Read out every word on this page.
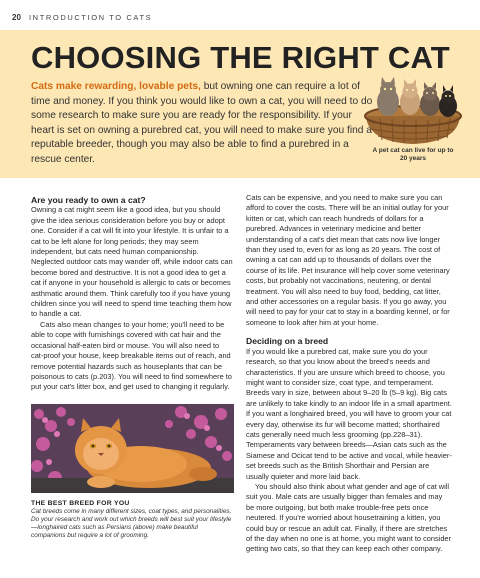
20 INTRODUCTION TO CATS
CHOOSING THE RIGHT CAT
Cats make rewarding, lovable pets, but owning one can require a lot of time and money. If you think you would like to own a cat, you will need to do some research to make sure you are ready for the responsibility. If your heart is set on owning a purebred cat, you will need to make sure you find a reputable breeder, though you may also be able to find a purebred in a rescue center.
A pet cat can live for up to 20 years

Are you ready to own a cat?

Owning a cat might seem like a good idea, but you should give the idea serious consideration before you buy or adopt one. Consider if a cat will fit into your lifestyle. It is unfair to a cat to be left alone for long periods; they may seem independent, but cats need human companionship. Neglected outdoor cats may wander off, while indoor cats can become bored and destructive. It is not a good idea to get a cat if anyone in your household is allergic to cats or becomes asthmatic around them. Think carefully too if you have young children since you will need to spend time teaching them how to handle a cat.

Cats also mean changes to your home; you'll need to be able to cope with furnishings covered with cat hair and the occasional half-eaten bird or mouse. You will also need to cat-proof your house, keep breakable items out of reach, and remove potential hazards such as houseplants that can be poisonous to cats (p.203). You will need to find somewhere to put your cat's litter box, and get used to changing it regularly.

THE BEST BREED FOR YOU
Cat breeds come in many different sizes, coat types, and personalities. Do your research and work out which breeds will best suit your lifestyle—longhaired cats such as Persians (above) make beautiful companions but require a lot of grooming.

Cats can be expensive, and you need to make sure you can afford to cover the costs. There will be an initial outlay for your kitten or cat, which can reach hundreds of dollars for a purebred. Advances in veterinary medicine and better understanding of a cat's diet mean that cats now live longer than they used to, even for as long as 20 years. The cost of owning a cat can add up to thousands of dollars over the course of its life. Pet insurance will help cover some veterinary costs, but probably not vaccinations, neutering, or dental treatment. You will also need to buy food, bedding, cat litter, and other accessories on a regular basis. If you go away, you will need to pay for your cat to stay in a boarding kennel, or for someone to look after him at your home.

Deciding on a breed

If you would like a purebred cat, make sure you do your research, so that you know about the breed's needs and characteristics. If you are unsure which breed to choose, you might want to consider size, coat type, and temperament. Breeds vary in size, between about 9–20 lb (5–9 kg). Big cats are unlikely to take kindly to an indoor life in a small apartment. If you want a longhaired breed, you will have to groom your cat every day, otherwise its fur will become matted; shorthaired cats generally need much less grooming (pp.228–31). Temperaments vary between breeds—Asian cats such as the Siamese and Ocicat tend to be active and vocal, while heavier-set breeds such as the British Shorthair and Persian are usually quieter and more laid back.

You should also think about what gender and age of cat will suit you. Male cats are usually bigger than females and may be more outgoing, but both make trouble-free pets once neutered. If you're worried about housetraining a kitten, you could buy or rescue an adult cat. Finally, if there are stretches of the day when no one is at home, you might want to consider getting two cats, so that they can keep each other company.
